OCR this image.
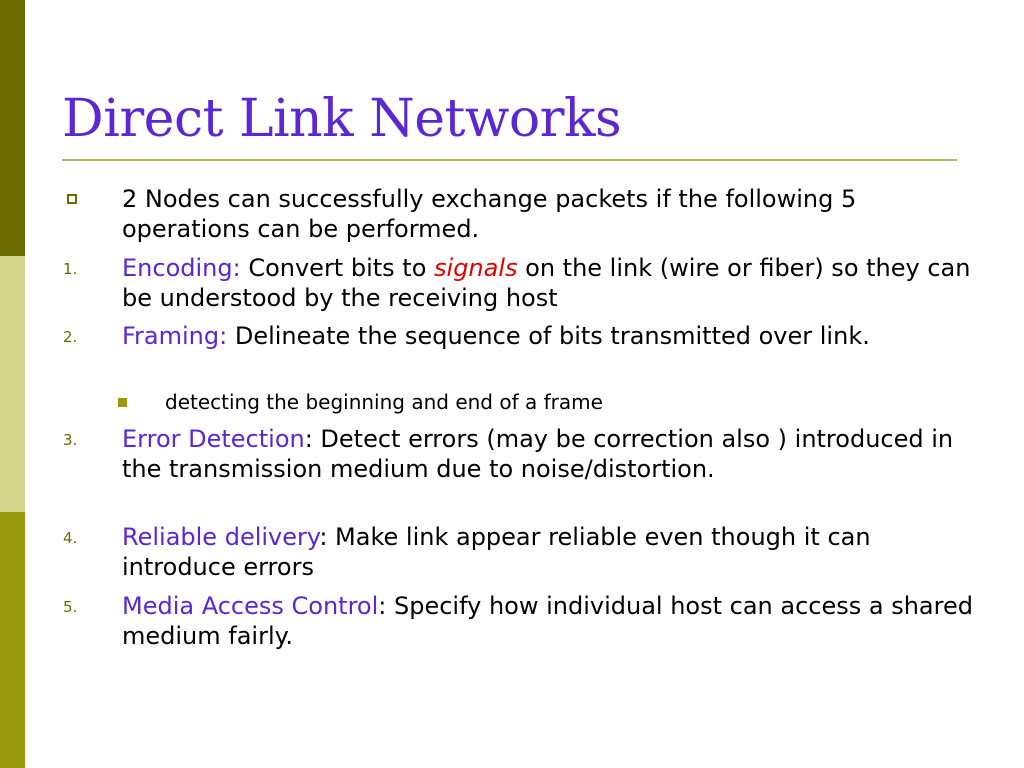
Direct Link Networks
2 Nodes can successfully exchange packets if the following 5 operations can be performed.
1. Encoding: Convert bits to signals on the link (wire or fiber) so they can be understood by the receiving host
2. Framing: Delineate the sequence of bits transmitted over link.
detecting the beginning and end of a frame
3. Error Detection: Detect errors (may be correction also ) introduced in the transmission medium due to noise/distortion.
4. Reliable delivery: Make link appear reliable even though it can introduce errors
5. Media Access Control: Specify how individual host can access a shared medium fairly.
